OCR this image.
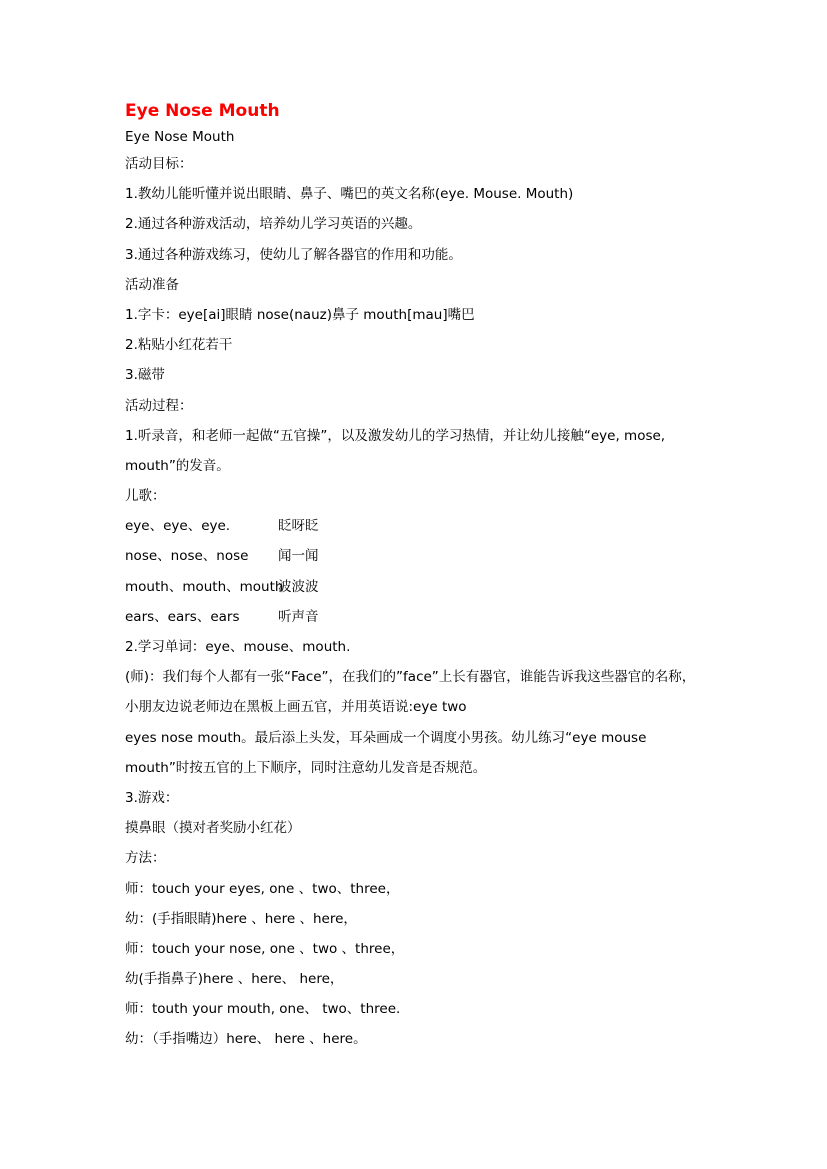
Eye Nose Mouth
Eye Nose Mouth
活动目标：
1.教幼儿能听懂并说出眼睛、鼻子、嘴巴的英文名称(eye. Mouse. Mouth)
2.通过各种游戏活动，培养幼儿学习英语的兴趣。
3.通过各种游戏练习，使幼儿了解各器官的作用和功能。
活动准备
1.字卡：eye[ai]眼睛 nose(nauz)鼻子 mouth[mau]嘴巴
2.粘贴小红花若干
3.磁带
活动过程：
1.听录音，和老师一起做“五官操”，以及激发幼儿的学习热情，并让幼儿接触“eye, mose,
mouth”的发音。
儿歌：
eye、eye、eye.	眨呀眨
nose、nose、nose 闻一闻
mouth、mouth、mouth波波波
ears、ears、ears	听声音
2.学习单词：eye、mouse、mouth.
(师)：我们每个人都有一张“Face”，在我们的”face”上长有器官，谁能告诉我这些器官的名称，
小朋友边说老师边在黑板上画五官，并用英语说:eye two
eyes nose mouth。最后添上头发，耳朵画成一个调度小男孩。幼儿练习“eye mouse
mouth”时按五官的上下顺序，同时注意幼儿发音是否规范。
3.游戏：
摸鼻眼（摸对者奖励小红花）
方法：
师：touch your eyes, one 、two、three，
幼：(手指眼睛)here 、here 、here，
师：touch your nose, one 、two 、three，
幼(手指鼻子)here 、here、 here，
师：touth your mouth, one、 two、three.
幼：（手指嘴边）here、 here 、here。
